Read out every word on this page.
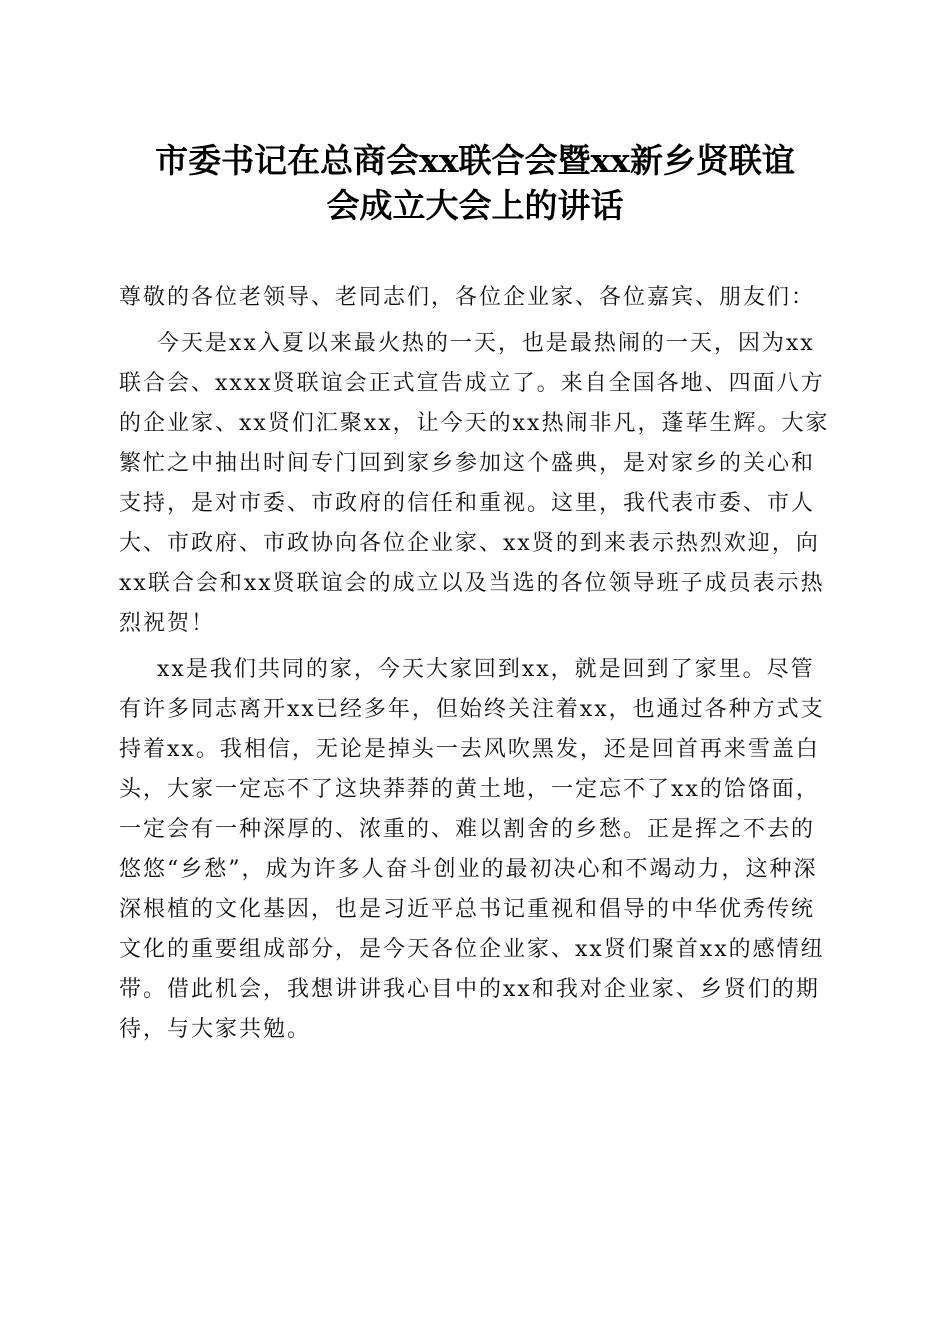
市委书记在总商会xx联合会暨xx新乡贤联谊
会成立大会上的讲话

尊敬的各位老领导、老同志们，各位企业家、各位嘉宾、朋友们：

今天是xx入夏以来最火热的一天，也是最热闹的一天，因为xx联合会、xxxx贤联谊会正式宣告成立了。来自全国各地、四面八方的企业家、xx贤们汇聚xx，让今天的xx热闹非凡，蓬荜生辉。大家繁忙之中抽出时间专门回到家乡参加这个盛典，是对家乡的关心和支持，是对市委、市政府的信任和重视。这里，我代表市委、市人大、市政府、市政协向各位企业家、xx贤的到来表示热烈欢迎，向xx联合会和xx贤联谊会的成立以及当选的各位领导班子成员表示热烈祝贺！

xx是我们共同的家，今天大家回到xx，就是回到了家里。尽管有许多同志离开xx已经多年，但始终关注着xx，也通过各种方式支持着xx。我相信，无论是掉头一去风吹黑发，还是回首再来雪盖白头，大家一定忘不了这块莽莽的黄土地，一定忘不了xx的饸饹面，一定会有一种深厚的、浓重的、难以割舍的乡愁。正是挥之不去的悠悠“乡愁”，成为许多人奋斗创业的最初决心和不竭动力，这种深深根植的文化基因，也是习近平总书记重视和倡导的中华优秀传统文化的重要组成部分，是今天各位企业家、xx贤们聚首xx的感情纽带。借此机会，我想讲讲我心目中的xx和我对企业家、乡贤们的期待，与大家共勉。
